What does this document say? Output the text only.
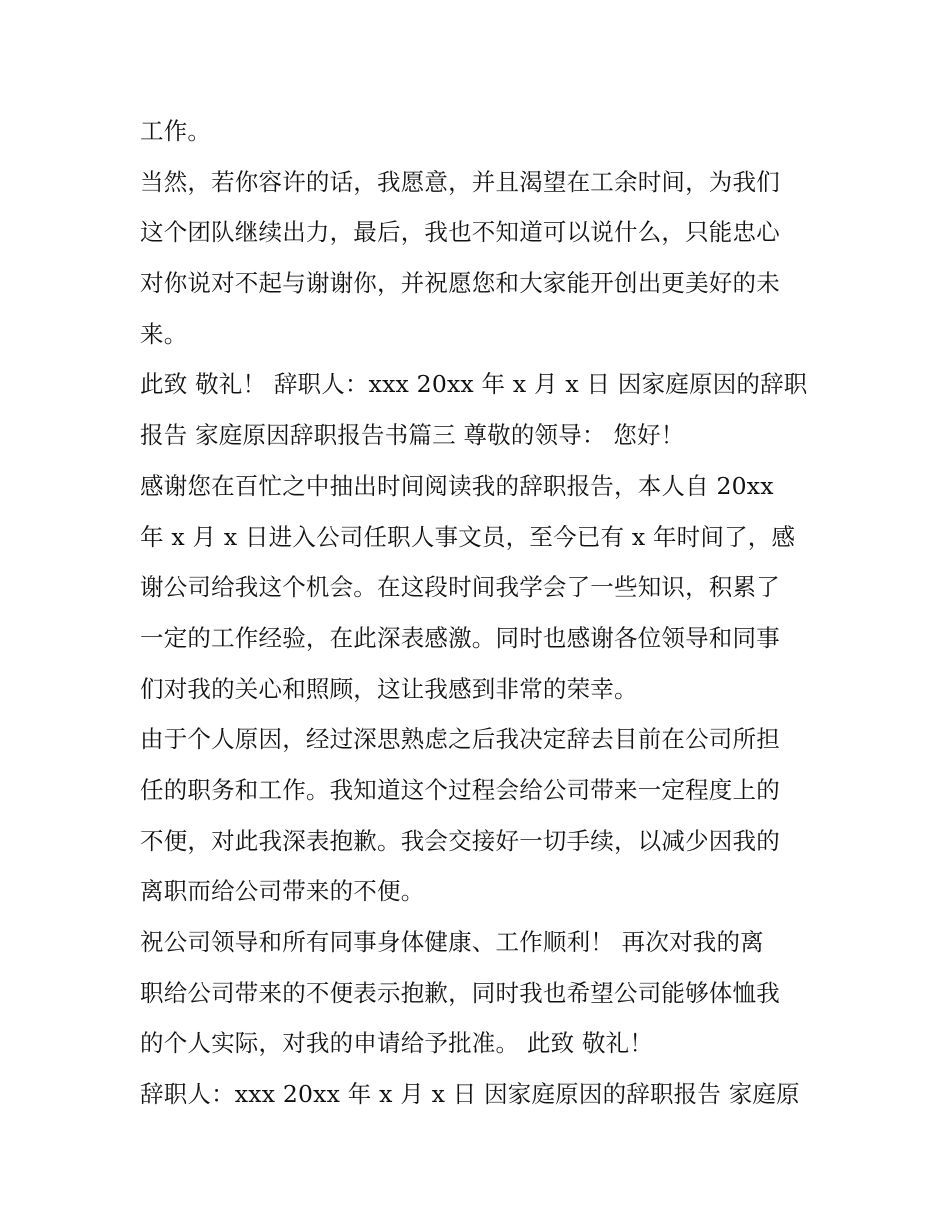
工作。
当然，若你容许的话，我愿意，并且渴望在工余时间，为我们
这个团队继续出力，最后，我也不知道可以说什么，只能忠心
对你说对不起与谢谢你，并祝愿您和大家能开创出更美好的未
来。
此致 敬礼！ 辞职人：xxx 20xx 年 x 月 x 日 因家庭原因的辞职
报告 家庭原因辞职报告书篇三 尊敬的领导： 您好！
感谢您在百忙之中抽出时间阅读我的辞职报告，本人自 20xx
年 x 月 x 日进入公司任职人事文员，至今已有 x 年时间了，感
谢公司给我这个机会。在这段时间我学会了一些知识，积累了
一定的工作经验，在此深表感激。同时也感谢各位领导和同事
们对我的关心和照顾，这让我感到非常的荣幸。
由于个人原因，经过深思熟虑之后我决定辞去目前在公司所担
任的职务和工作。我知道这个过程会给公司带来一定程度上的
不便，对此我深表抱歉。我会交接好一切手续，以减少因我的
离职而给公司带来的不便。
祝公司领导和所有同事身体健康、工作顺利！ 再次对我的离
职给公司带来的不便表示抱歉，同时我也希望公司能够体恤我
的个人实际，对我的申请给予批准。 此致 敬礼！
辞职人：xxx 20xx 年 x 月 x 日 因家庭原因的辞职报告 家庭原
